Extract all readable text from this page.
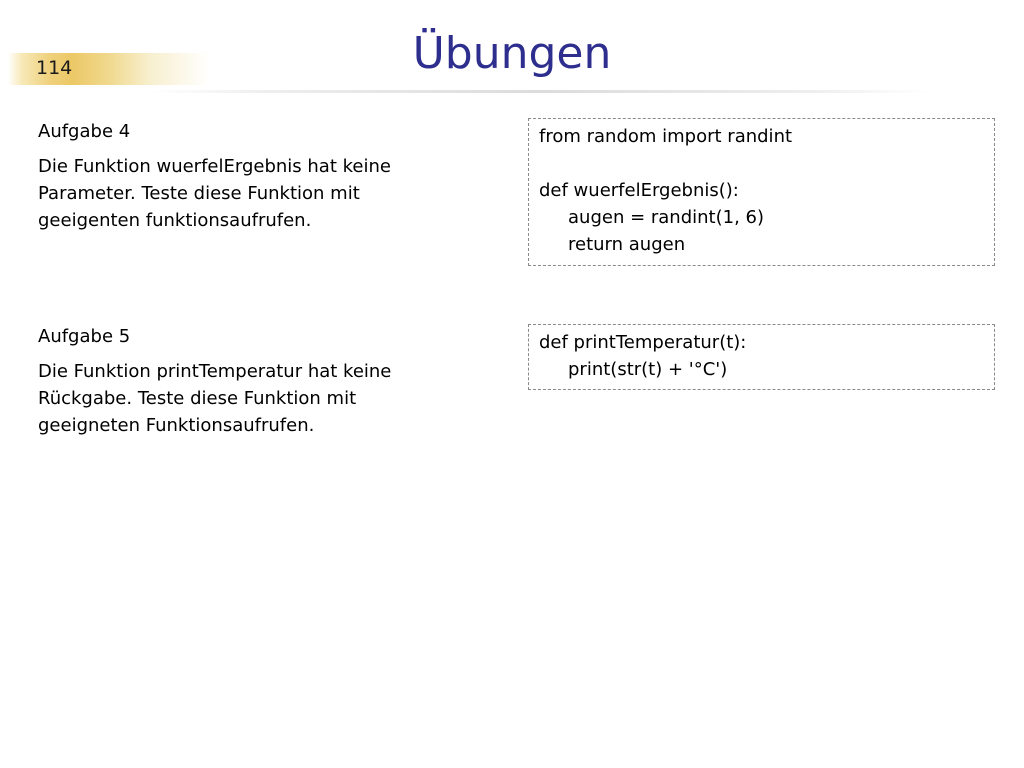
114	Übungen
Aufgabe 4
Die Funktion wuerfelErgebnis hat keine Parameter. Teste diese Funktion mit geeigenten funktionsaufrufen.
Aufgabe 5
Die Funktion printTemperatur hat keine Rückgabe. Teste diese Funktion mit geeigneten Funktionsaufrufen.
from random import randint
def wuerfelErgebnis():
augen = randint(1, 6)
return augen
def printTemperatur(t):
print(str(t) + '°C')
